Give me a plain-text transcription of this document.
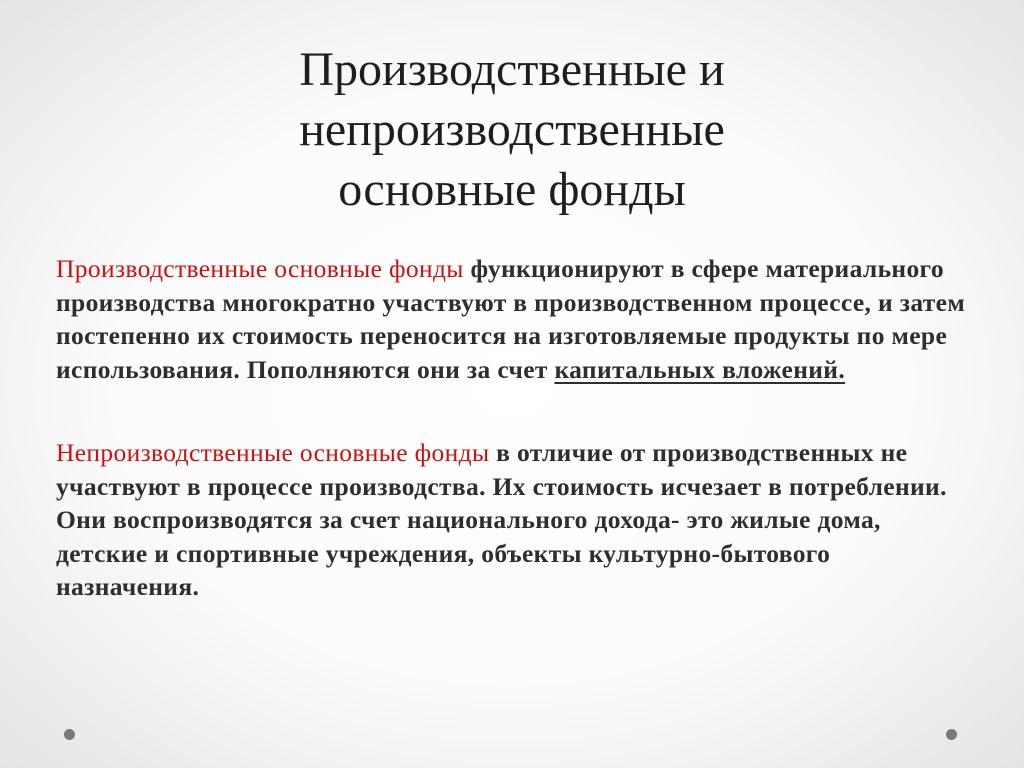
Производственные и
непроизводственные
основные фонды

Производственные основные фонды функционируют в сфере материального производства многократно участвуют в производственном процессе, и затем постепенно их стоимость переносится на изготовляемые продукты по мере использования. Пополняются они за счет капитальных вложений.

Непроизводственные основные фонды в отличие от производственных не участвуют в процессе производства. Их стоимость исчезает в потреблении. Они воспроизводятся за счет национального дохода- это жилые дома, детские и спортивные учреждения, объекты культурно-бытового назначения.
